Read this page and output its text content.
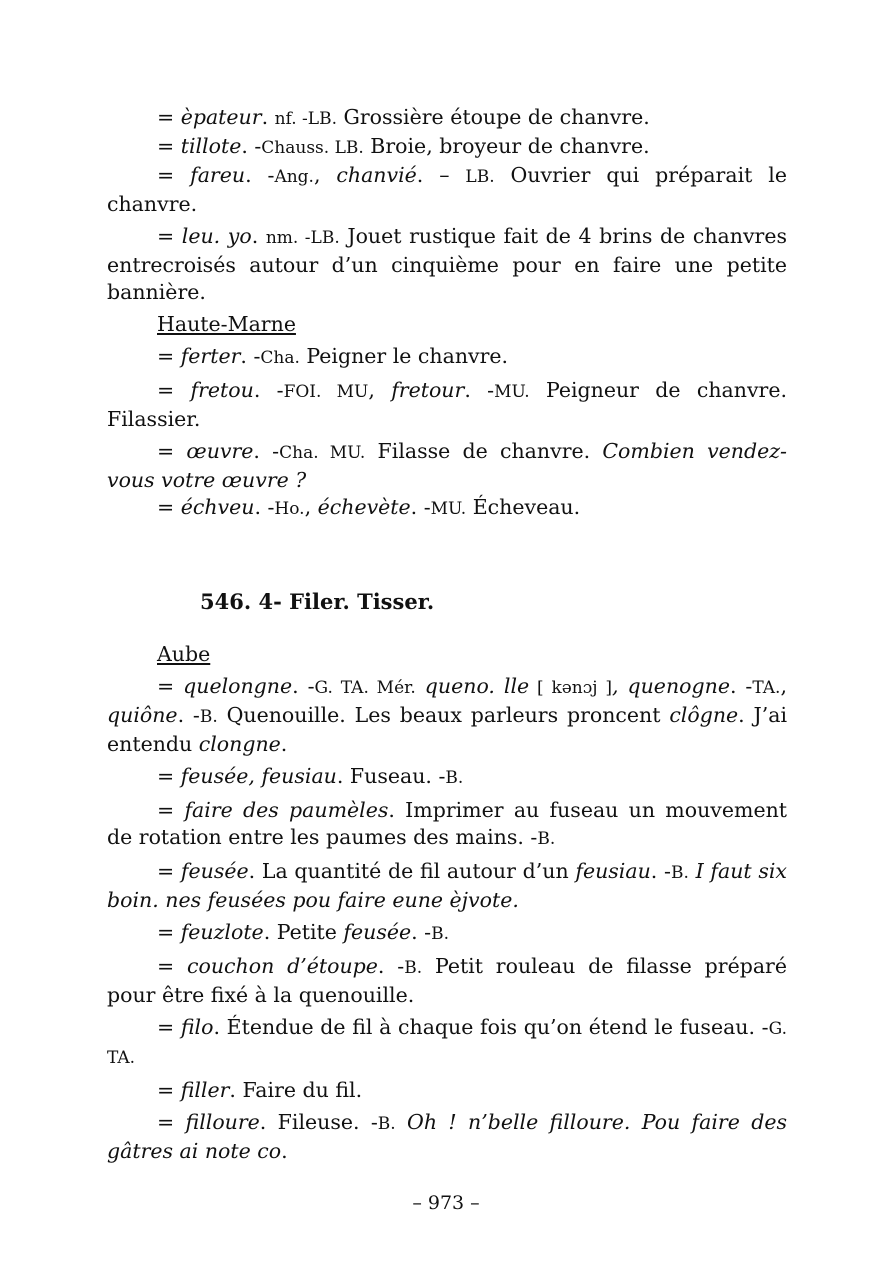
= èpateur. nf. -LB. Grossière étoupe de chanvre.

= tillote. -Chauss. LB. Broie, broyeur de chanvre.

= fareu. -Ang., chanvié. – LB. Ouvrier qui préparait le chanvre.

= leu. yo. nm. -LB. Jouet rustique fait de 4 brins de chanvres entrecroisés autour d’un cinquième pour en faire une petite bannière.

Haute-Marne

= ferter. -Cha. Peigner le chanvre.

= fretou. -FOI. MU, fretour. -MU. Peigneur de chanvre. Filassier.

= œuvre. -Cha. MU. Filasse de chanvre. Combien vendez-vous votre œuvre ?

= échveu. -Ho., échevète. -MU. Écheveau.

546. 4- Filer. Tisser.

Aube

= quelongne. -G. TA. Mér. queno. lle [ kənɔj ], quenogne. -TA., quiône. -B. Quenouille. Les beaux parleurs proncent clôgne. J’ai entendu clongne.

= feusée, feusiau. Fuseau. -B.

= faire des paumèles. Imprimer au fuseau un mouvement de rotation entre les paumes des mains. -B.

= feusée. La quantité de fil autour d’un feusiau. -B. I faut six boin. nes feusées pou faire eune èjvote.

= feuzlote. Petite feusée. -B.

= couchon d’étoupe. -B. Petit rouleau de filasse préparé pour être fixé à la quenouille.

= filo. Étendue de fil à chaque fois qu’on étend le fuseau. -G. TA.

= filler. Faire du fil.

= filloure. Fileuse. -B. Oh ! n’belle filloure. Pou faire des gâtres ai note co.

– 973 –
